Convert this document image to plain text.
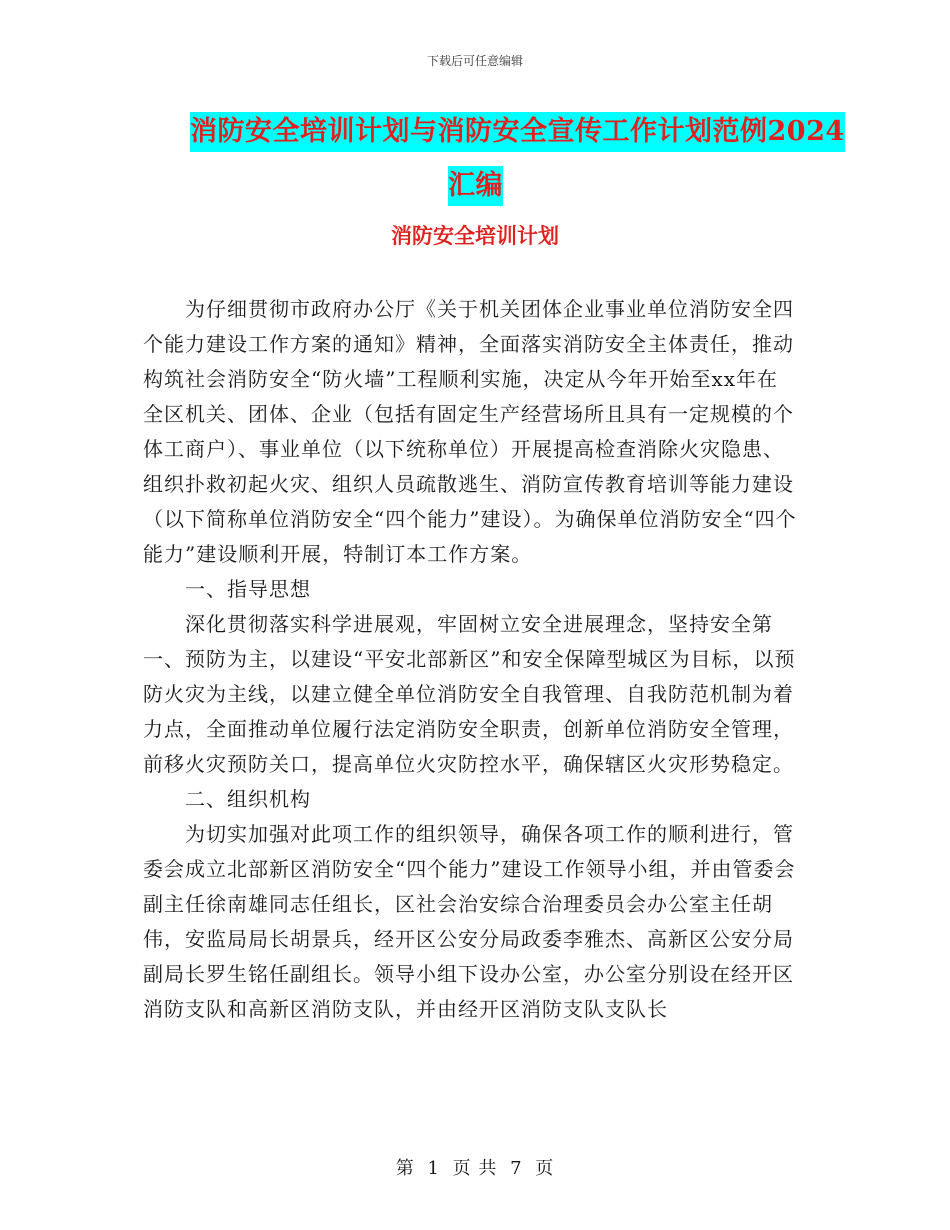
下载后可任意编辑
消防安全培训计划与消防安全宣传工作计划范例2024
汇编
消防安全培训计划

为仔细贯彻市政府办公厅《关于机关团体企业事业单位消防安全四个能力建设工作方案的通知》精神，全面落实消防安全主体责任，推动构筑社会消防安全“防火墙”工程顺利实施，决定从今年开始至xx年在全区机关、团体、企业（包括有固定生产经营场所且具有一定规模的个体工商户）、事业单位（以下统称单位）开展提高检查消除火灾隐患、组织扑救初起火灾、组织人员疏散逃生、消防宣传教育培训等能力建设（以下简称单位消防安全“四个能力”建设）。为确保单位消防安全“四个能力”建设顺利开展，特制订本工作方案。

一、指导思想

深化贯彻落实科学进展观，牢固树立安全进展理念，坚持安全第一、预防为主，以建设“平安北部新区”和安全保障型城区为目标，以预防火灾为主线，以建立健全单位消防安全自我管理、自我防范机制为着力点，全面推动单位履行法定消防安全职责，创新单位消防安全管理，前移火灾预防关口，提高单位火灾防控水平，确保辖区火灾形势稳定。

二、组织机构

为切实加强对此项工作的组织领导，确保各项工作的顺利进行，管委会成立北部新区消防安全“四个能力”建设工作领导小组，并由管委会副主任徐南雄同志任组长，区社会治安综合治理委员会办公室主任胡伟，安监局局长胡景兵，经开区公安分局政委李雅杰、高新区公安分局副局长罗生铭任副组长。领导小组下设办公室，办公室分别设在经开区消防支队和高新区消防支队，并由经开区消防支队支队长

第 1 页 共 7 页
